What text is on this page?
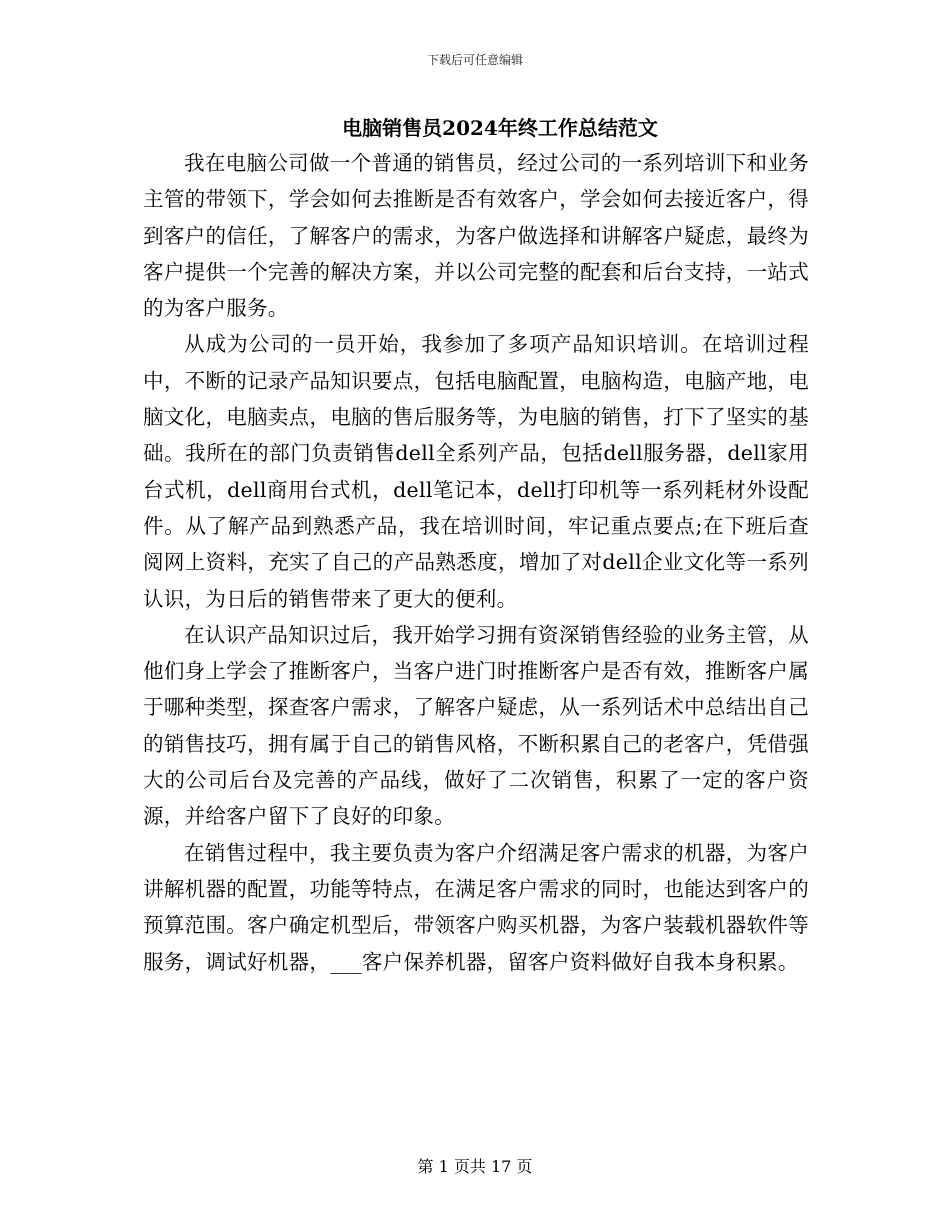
下载后可任意编辑
电脑销售员2024年终工作总结范文

我在电脑公司做一个普通的销售员，经过公司的一系列培训下和业务主管的带领下，学会如何去推断是否有效客户，学会如何去接近客户，得到客户的信任，了解客户的需求，为客户做选择和讲解客户疑虑，最终为客户提供一个完善的解决方案，并以公司完整的配套和后台支持，一站式的为客户服务。

从成为公司的一员开始，我参加了多项产品知识培训。在培训过程中，不断的记录产品知识要点，包括电脑配置，电脑构造，电脑产地，电脑文化，电脑卖点，电脑的售后服务等，为电脑的销售，打下了坚实的基础。我所在的部门负责销售dell全系列产品，包括dell服务器，dell家用台式机，dell商用台式机，dell笔记本，dell打印机等一系列耗材外设配件。从了解产品到熟悉产品，我在培训时间，牢记重点要点;在下班后查阅网上资料，充实了自己的产品熟悉度，增加了对dell企业文化等一系列认识，为日后的销售带来了更大的便利。

在认识产品知识过后，我开始学习拥有资深销售经验的业务主管，从他们身上学会了推断客户，当客户进门时推断客户是否有效，推断客户属于哪种类型，探查客户需求，了解客户疑虑，从一系列话术中总结出自己的销售技巧，拥有属于自己的销售风格，不断积累自己的老客户，凭借强大的公司后台及完善的产品线，做好了二次销售，积累了一定的客户资源，并给客户留下了良好的印象。

在销售过程中，我主要负责为客户介绍满足客户需求的机器，为客户讲解机器的配置，功能等特点，在满足客户需求的同时，也能达到客户的预算范围。客户确定机型后，带领客户购买机器，为客户装载机器软件等服务，调试好机器，___客户保养机器，留客户资料做好自我本身积累。

第 1 页共 17 页
